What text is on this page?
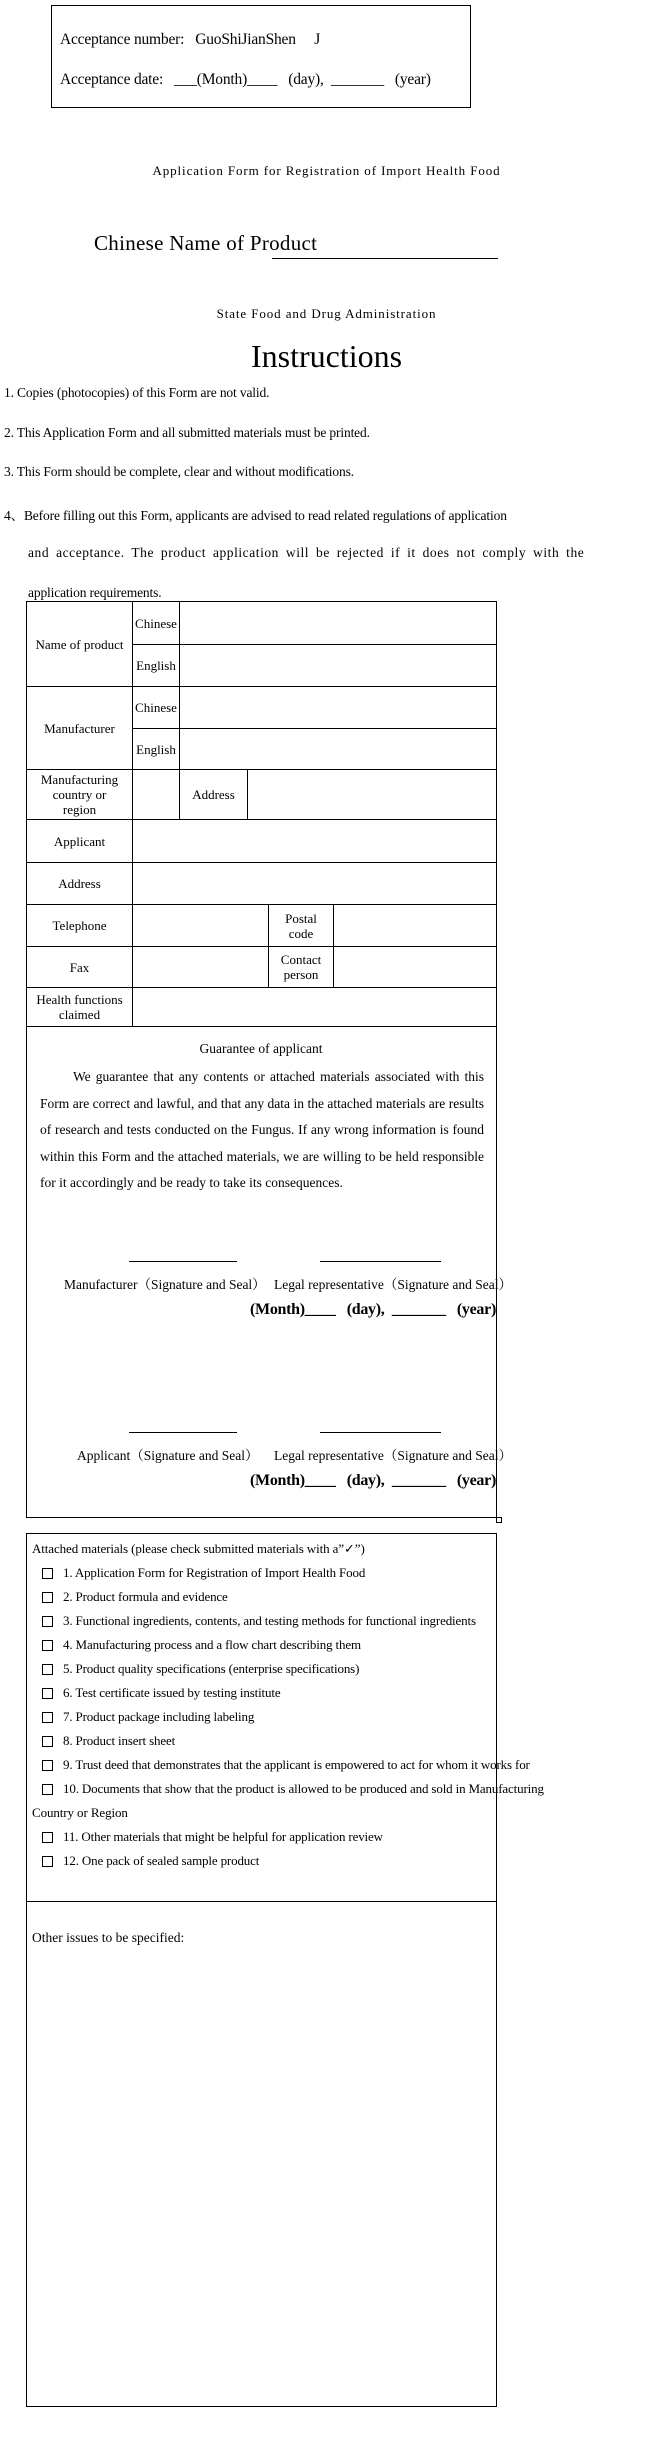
Acceptance number: GuoShiJianShen J
Acceptance date: ___(Month)____ (day), _______ (year)
Application Form for Registration of Import Health Food
Chinese Name of Product
State Food and Drug Administration
Instructions
1. Copies (photocopies) of this Form are not valid.
2. This Application Form and all submitted materials must be printed.
3. This Form should be complete, clear and without modifications.
4、Before filling out this Form, applicants are advised to read related regulations of application
and acceptance. The product application will be rejected if it does not comply with the
application requirements.
Name of product
Chinese
English
Manufacturer
Chinese
English
Manufacturing country or region
Address
Applicant
Address
Telephone	Postal code
Fax	Contact person
Health functions claimed
Guarantee of applicant
We guarantee that any contents or attached materials associated with this Form are correct and lawful, and that any data in the attached materials are results of research and tests conducted on the Fungus. If any wrong information is found within this Form and the attached materials, we are willing to be held responsible for it accordingly and be ready to take its consequences.
Manufacturer（Signature and Seal） Legal representative（Signature and Seal）
(Month)____ (day), _______ (year)
Applicant（Signature and Seal） Legal representative（Signature and Seal）
(Month)____ (day), _______ (year)
Attached materials (please check submitted materials with a”✓”)
1. Application Form for Registration of Import Health Food
2. Product formula and evidence
3. Functional ingredients, contents, and testing methods for functional ingredients
4. Manufacturing process and a flow chart describing them
5. Product quality specifications (enterprise specifications)
6. Test certificate issued by testing institute
7. Product package including labeling
8. Product insert sheet
9. Trust deed that demonstrates that the applicant is empowered to act for whom it works for
10. Documents that show that the product is allowed to be produced and sold in Manufacturing
Country or Region
11. Other materials that might be helpful for application review
12. One pack of sealed sample product
Other issues to be specified:
